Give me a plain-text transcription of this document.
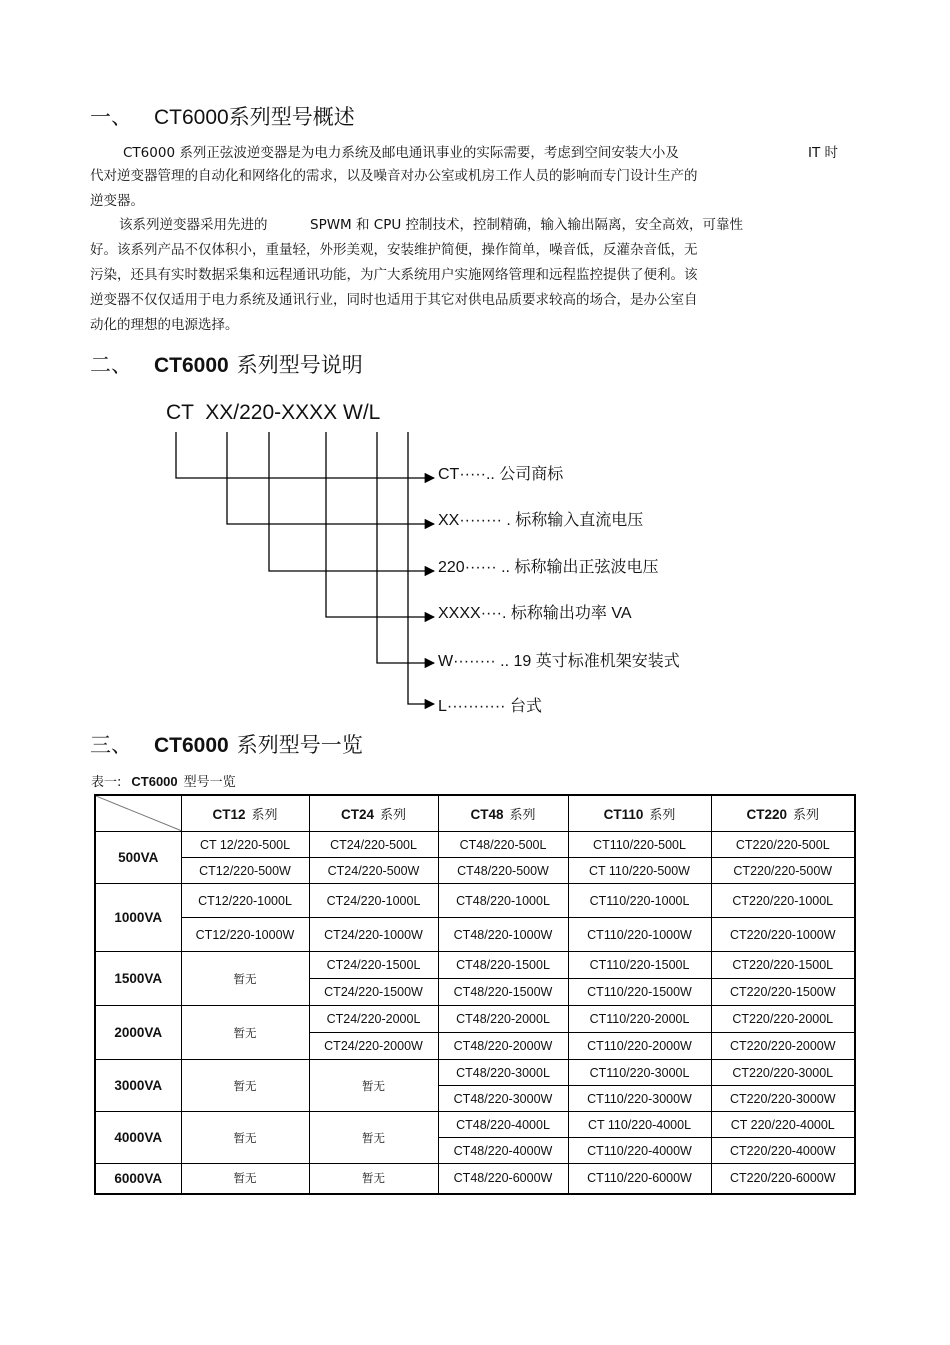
一、 CT6000系列型号概述
CT6000 系列正弦波逆变器是为电力系统及邮电通讯事业的实际需要，考虑到空间安装大小及	IT 时
代对逆变器管理的自动化和网络化的需求，以及噪音对办公室或机房工作人员的影响而专门设计生产的
逆变器。
该系列逆变器采用先进的	SPWM 和 CPU 控制技术，控制精确，输入输出隔离，安全高效，可靠性
好。该系列产品不仅体积小，重量轻，外形美观，安装维护简便，操作简单，噪音低，反灌杂音低，无
污染，还具有实时数据采集和远程通讯功能，为广大系统用户实施网络管理和远程监控提供了便利。该
逆变器不仅仅适用于电力系统及通讯行业，同时也适用于其它对供电品质要求较高的场合，是办公室自
动化的理想的电源选择。
二、 CT6000 系列型号说明
CT  XX/220-XXXX W/L
CT·····.. 公司商标
XX········ . 标称输入直流电压
220······ .. 标称输出正弦波电压
XXXX····. 标称输出功率 VA
W········ .. 19 英寸标准机架安装式
L··········· 台式
三、 CT6000 系列型号一览
表一: CT6000 型号一览
	CT12 系列	CT24 系列	CT48 系列	CT110 系列	CT220 系列
500VA	CT 12/220-500L	CT24/220-500L	CT48/220-500L	CT110/220-500L	CT220/220-500L
	CT12/220-500W	CT24/220-500W	CT48/220-500W	CT 110/220-500W	CT220/220-500W
1000VA	CT12/220-1000L	CT24/220-1000L	CT48/220-1000L	CT110/220-1000L	CT220/220-1000L
	CT12/220-1000W	CT24/220-1000W	CT48/220-1000W	CT110/220-1000W	CT220/220-1000W
1500VA	暂无	CT24/220-1500L	CT48/220-1500L	CT110/220-1500L	CT220/220-1500L
		CT24/220-1500W	CT48/220-1500W	CT110/220-1500W	CT220/220-1500W
2000VA	暂无	CT24/220-2000L	CT48/220-2000L	CT110/220-2000L	CT220/220-2000L
		CT24/220-2000W	CT48/220-2000W	CT110/220-2000W	CT220/220-2000W
3000VA	暂无	暂无	CT48/220-3000L	CT110/220-3000L	CT220/220-3000L
			CT48/220-3000W	CT110/220-3000W	CT220/220-3000W
4000VA	暂无	暂无	CT48/220-4000L	CT 110/220-4000L	CT 220/220-4000L
			CT48/220-4000W	CT110/220-4000W	CT220/220-4000W
6000VA	暂无	暂无	CT48/220-6000W	CT110/220-6000W	CT220/220-6000W
